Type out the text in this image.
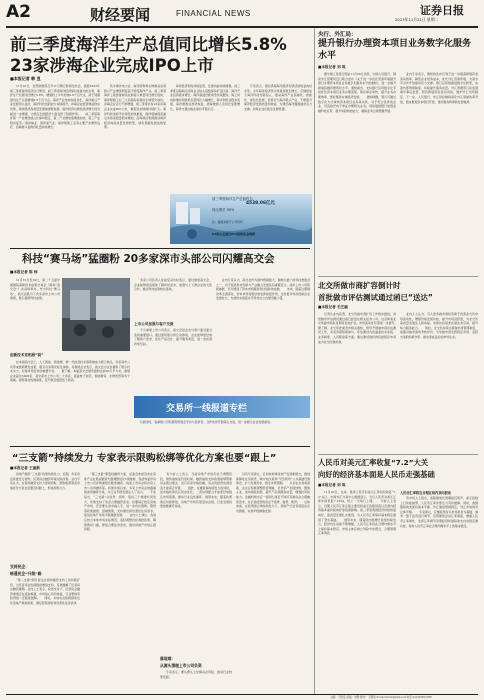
A2	财经要闻	FINANCIAL NEWS	证券日报
2023年11月21日 星期二
前三季度海洋生产总值同比增长5.8%
23家涉海企业完成IPO上市
■本报记者 韩 昱
　　11月20日，自然资源部召开11月例行新闻发布会，通报2023年前三季度海洋经济运行情况。前三季度海洋经济保持恢复向好态势，海洋生产总值同比增长5.8%，增速较上半年加快0.6个百分点，高于同期国内生产总值增速0.6个百分点。海洋产业结构持续优化，海洋新兴产业发展势头良好，海洋科技创新能力持续提升，涉海企业经营效益稳步改善，海洋经济高质量发展取得新进展。海洋经济对国民经济增长的贡献进一步增强，为稳定全国经济大盘发挥了积极作用。　　前三季度海洋第一产业增加值占比保持稳定，第二产业增加值增速加快，第三产业稳步复苏。海洋渔业、海洋油气业、海洋船舶工业等主要产业增势良好，沿海港口货物吞吐量持续增长。
　　其中海洋电力业、海洋药物和生物制品业等新兴产业增速明显高于传统海洋产业。前三季度海洋工程装备制造业新接订单量同比增长较快，海洋船舶工业三大造船指标保持全球领先地位。涉海企业活力不断增强，前三季度共有23家涉海企业完成IPO上市，募集资金规模持续扩大。海洋科技创新平台建设加快推进，海洋领域国家重点实验室数量稳步增加。沿海地区积极推动海洋经济向高质量发展转型，绿色低碳发展成效显著。
　　海洋经济韧性持续显现，发展动能持续增强。前三季度沿海地区涉海企业信心指数保持扩张区间，海洋产业投资稳步增长，海洋基础设施建设持续推进。海上风电新增并网装机容量同比大幅增长，海水利用业稳步发展，海洋旅游业加快恢复，滨海旅游人次同比显著增长。海洋交通运输业保持平稳运行。
　　专家表示，第四季度海洋经济有望延续恢复向好态势，全年海洋经济预计将保持稳定增长。应继续加大海洋科技创新投入，推动海洋产业高端化、智能化、绿色化发展，培育壮大海洋新兴产业，不断提升海洋经济发展质量和效益，为建设海洋强国提供有力支撑。涉海企业应抓住发展机遇。
前三季度海洋生产总值约为
4538.06亿元
同比增长 35%
注：数据来源于公开资料
64家企业通过IPO募集资金规模
央行、外汇局：
提升银行办理资本项目业务数字化服务水平
■本报记者 刘 琪
　　据中国人民银行网站11月20日消息，中国人民银行、国家外汇管理局近日联合发布《关于进一步优化营商环境提升银行办理资本项目业务数字化服务水平的通知》，进一步提升跨境投融资便利化水平。通知提出，支持银行运用数字化手段优化资本项目业务办理流程，简化单证审核，提升业务办理效率，更好服务实体经济发展。　　通知明确，银行可通过数字化方式审核资本项目业务真实性，对于符合条件的企业，可直接凭电子单证办理相关业务。同时鼓励银行加强金融科技应用，提升风险防控能力，确保业务合规稳健开展。
　　业内专家表示，通知的发布有利于进一步提高跨境资金流动效率，降低企业财务成本，优化外汇营商环境，为高水平对外开放提供有力支撑。银行应积极推进数字化转型，完善内部管理制度，持续提升服务质量。外汇管理部门将加强事中事后监管，防范跨境资金流动风险，维护外汇市场稳定。下一步，人民银行、外汇局将继续深化外汇领域改革开放，稳步推进资本项目开放，更好服务构建新发展格局。
北交所做市商扩容倒计时
首批做市评估测试通过函已“送达”
■本报记者 毛艺融
　　记者从业内获悉，北交所做市商扩容工作稳步推进，首批做市评估测试通过函已经送达相关证券公司。这意味着北交所做市商队伍即将迎来扩容，市场流动性有望进一步提升。　　据了解，北交所此前发布相关通知，组织开展做市商评估测试工作，多家券商积极参与。评估测试内容涵盖技术系统、业务制度、人员配备等方面。通过测试的机构将按程序申请成为北交所做市商。
　　业内人士认为，引入更多做市商将有助于改善北交所市场流动性，增强价格发现功能，提升市场活跃度，为北交所高质量发展注入新动能。券商也将借此拓展业务空间，提升综合服务能力。　　同时，北交所持续完善做市商管理制度，加强对做市商的考核评价，引导做市商发挥稳定市场、活跃交易的积极作用，推动形成良好的市场生态。
人民币对美元汇率收复“7.2”大关
向好的经济基本面是人民币走强基础
■本报记者 刘 琪
　　11月20日，在岸、离岸人民币对美元汇率双双收复“7.2”关口。中国外汇交易中心数据显示，当日人民币对美元汇率中间价报7.1254，较上一交易日上调。　　分析人士表示，近期人民币汇率走强主要受到美元指数回落以及国内经济基本面持续向好等因素影响。前三季度我国经济持续恢复向好，高质量发展扎实推进，为人民币汇率保持基本稳定提供了坚实基础。　　展望未来，随着国内稳增长政策持续发力，经济内生动能不断增强，人民币汇率将在合理均衡水平上保持基本稳定。市场主体应树立风险中性理念，合理管理汇率风险。
人民币汇率将在合理区间内双向波动
　　有市场人士指出，美联储加息周期接近尾声，美元指数上行动能减弱，人民币汇率外部压力有所缓解。同时，我国国际收支保持基本平衡，外汇储备规模稳定，外汇市场供求总体平衡。　　专家建议，应继续坚持以市场供求为基础、参考一篮子货币进行调节、有管理的浮动汇率制度，增强人民币汇率弹性，发挥汇率调节宏观经济和国际收支自动稳定器功能，保持人民币汇率在合理均衡水平上的基本稳定。
科技“赛马场”猛圈粉 20多家深市头部公司闪耀高交会
■本报记者 陈 炜
　　11月15日至19日，第二十五届中国国际高新技术成果交易会（简称“高交会”）在深圳举办。作为科技“赛马场”，高交会吸引了众多深市上市公司参展，展示最新科技成果。
创新技术竞相展“锐”
　　在本届高交会上，人工智能、新能源、新一代信息技术等领域成为展示焦点。多家深市公司带来最新研发成果，吸引众多观众驻足体验。有参展企业表示，高交会为企业提供了展示技术实力、对接市场需求的重要平台。　　据了解，本届高交会展览面积达到50万平方米，参展企业超过5000家，其中深市上市公司二十余家，涵盖电子信息、智能制造、生物医药等多个领域。现场观众热情高涨，签约项目数量创下新高。
　　多家公司负责人在接受采访时表示，通过参加高交会，企业能够更直观地了解市场需求，加强与上下游企业的交流合作，推动科技成果转化落地。
上市公司加强与客户交流
　　不少参展上市公司表示，高交会是企业与客户面对面交流的重要窗口。通过现场展示和互动体验，企业能够更好地了解客户需求，优化产品设计，提升服务质量，进一步拓展市场空间。
　　业内专家认为，高交会作为国内规模最大、影响力最广的科技类展会之一，对于促进科技创新与产业融合发展具有重要意义。深市上市公司积极参展，充分展现了资本市场服务科技创新的成效。　　未来，随着注册制改革全面深化，资本市场将更好地发挥枢纽作用，支持更多科技创新企业发展壮大，为加快实现高水平科技自立自强贡献力量。
交易所一线报道专栏
　　与此同时，各参展公司积极利用展会平台与投资者、合作伙伴开展深入交流，进一步展示企业发展前景。
“三支箭”持续发力 专家表示限购松绑等优化方案也要“跟上”
■本报记者 王丽新
　　房地产融资“三支箭”政策持续发力。近期，多家房企获批发行债券，民营房企融资环境边际改善。业内专家认为，在保持融资支持力度的同时，限购松绑等需求端优化方案也需要及时跟上，形成政策合力。
支持民企：
畅通民企“升级”路
　　“第二支箭”即民营企业债券融资支持工具持续扩容，为民营房企发债提供增信支持，有效缓解了民营房企融资难题。业内人士表示，政策支持下，民营房企融资渠道正在逐步畅通，市场信心有所恢复，行业整体风险得到一定程度缓释。　　同时，多地也在积极探索优化房地产调控政策，满足居民刚性和改善性住房需求。
　　“第三支箭”即股权融资方面，证监会此前宣布在房地产企业股权融资方面调整优化5项措施，包括恢复涉房上市公司并购重组及配套融资、恢复上市房企和涉房上市公司再融资等。政策实施以来，多家上市房企披露重组或再融资方案，为行业平稳发展注入了活力。　　专家指出，“三支箭”从信贷、债券、股权三个渠道共同发力，有效支持了房企合理融资需求，但要真正稳定房地产市场，还需要从需求端入手，进一步优化限购、限贷等政策措施，因城施策，支持刚性和改善性住房需求，促进房地产市场平稳健康发展。　　业内人士建议，各地应结合本地市场实际情况，适时调整优化调控政策，降低购房门槛，释放合理住房需求，推动房地产市场止跌回稳。
　　有分析人士表示，当前房地产市场仍处于调整阶段，销售端恢复仍需时间。融资端的支持政策能够帮助房企渡过难关，但只有需求端回暖，房企的经营性现金流才能真正改善。　　因此，在融资端持续发力的同时，需求端政策也应同步优化，二者协同配合才能更好地稳定市场预期，推动行业良性循环。展望未来，随着政策效应持续释放，房地产市场有望逐步企稳，行业发展将更加健康可持续。
落地难：
从源头清理上市公司负资
　　专家表示，要从源头上化解房企风险，推动行业转型发展。
　　另有专家建议，应加快构建房地产发展新模式，推进保障性住房建设、城中村改造和“平急两用”公共基础设施建设，扩大有效需求，稳定市场预期。　　从房企自身角度看，企业应积极调整经营策略，优化资产负债结构，聚焦主业，加快销售回款，提升产品和服务质量，增强抗风险能力。金融机构也应一视同仁满足不同所有制房企合理融资需求，对正常经营的房企不惜贷、抽贷、断贷。　　总体来看，在政策组合拳持续发力下，房地产行业有望逐步走出困境，实现平稳健康发展。
主编：于德良 责编：刘慧 制作：王敬涛 E-mail:zmzx@zqrb.net 电话 010-83251785
